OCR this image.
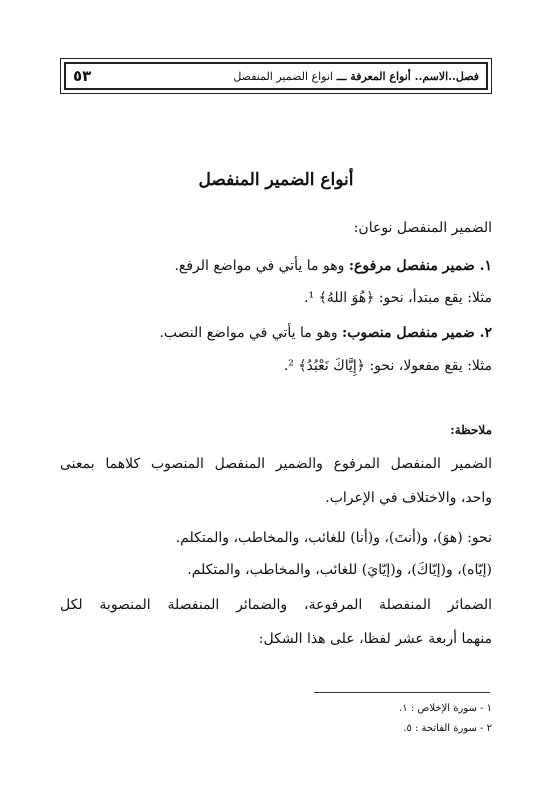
٥٣	فصل..الاسم.. أنواع المعرفة ـــ انواع الضمير المنفصل
أنواع الضمير المنفصل
الضمير المنفصل نوعان:
١. ضمير منفصل مرفوع: وهو ما يأتي في مواضع الرفع.
مثلا: يقع مبتدأ، نحو: ﴿هُوَ اللهُ﴾ ¹.
٢. ضمير منفصل منصوب: وهو ما يأتي في مواضع النصب.
مثلا: يقع مفعولا، نحو: ﴿إِيَّاكَ نَعْبُدُ﴾ ².
ملاحظة:
الضمير المنفصل المرفوع والضمير المنفصل المنصوب كلاهما بمعنى
واحد، والاختلاف في الإعراب.
نحو: (هوَ)، و(أنتَ)، و(أنا) للغائب، والمخاطب، والمتكلم.
(إيّاه)، و(إيّاكَ)، و(إيّايَ) للغائب، والمخاطب، والمتكلم.
الضمائر المنفصلة المرفوعة، والضمائر المنفصلة المنصوبة لكل
منهما أربعة عشر لفظا، على هذا الشكل:
١ - سورة الإخلاص : ١.
٢ - سورة الفاتحة : ٥.
